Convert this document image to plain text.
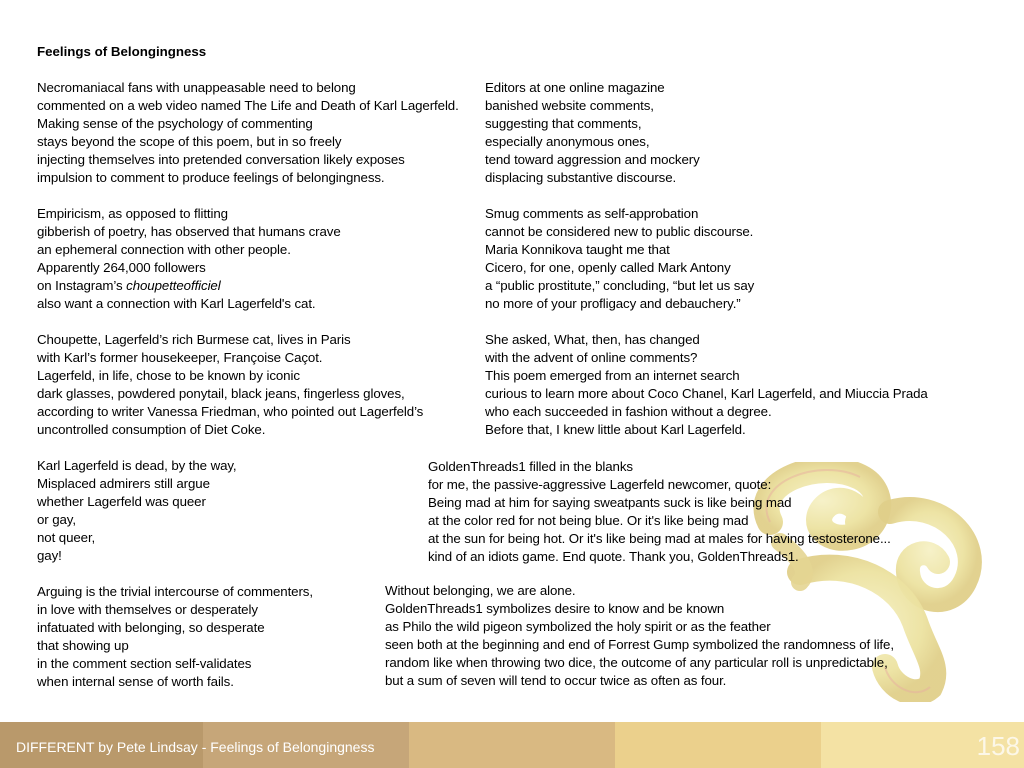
Feelings of Belongingness

Necromaniacal fans with unappeasable need to belong

commented on a web video named The Life and Death of Karl Lagerfeld.

Making sense of the psychology of commenting

stays beyond the scope of this poem, but in so freely

injecting themselves into pretended conversation likely exposes

impulsion to comment to produce feelings of belongingness.

Empiricism, as opposed to flitting

gibberish of poetry, has observed that humans crave

an ephemeral connection with other people.

Apparently 264,000 followers

on Instagram’s choupetteofficiel

also want a connection with Karl Lagerfeld's cat.

Choupette, Lagerfeld’s rich Burmese cat, lives in Paris

with Karl’s former housekeeper, Françoise Caçot.

Lagerfeld, in life, chose to be known by iconic

dark glasses, powdered ponytail, black jeans, fingerless gloves,

according to writer Vanessa Friedman, who pointed out Lagerfeld’s

uncontrolled consumption of Diet Coke.

Karl Lagerfeld is dead, by the way,

Misplaced admirers still argue

whether Lagerfeld was queer

or gay,

not queer,

gay!

Arguing is the trivial intercourse of commenters,

in love with themselves or desperately

infatuated with belonging, so desperate

that showing up

in the comment section self-validates

when internal sense of worth fails.

Editors at one online magazine

banished website comments,

suggesting that comments,

especially anonymous ones,

tend toward aggression and mockery

displacing substantive discourse.

Smug comments as self-approbation

cannot be considered new to public discourse.

Maria Konnikova taught me that

Cicero, for one, openly called Mark Antony

a “public prostitute,” concluding, “but let us say

no more of your profligacy and debauchery.”

She asked, What, then, has changed

with the advent of online comments?

This poem emerged from an internet search

curious to learn more about Coco Chanel, Karl Lagerfeld, and Miuccia Prada

who each succeeded in fashion without a degree.

Before that, I knew little about Karl Lagerfeld.

GoldenThreads1 filled in the blanks

for me, the passive-aggressive Lagerfeld newcomer, quote:

Being mad at him for saying sweatpants suck is like being mad

at the color red for not being blue. Or it's like being mad

at the sun for being hot. Or it's like being mad at males for having testosterone...

kind of an idiots game. End quote. Thank you, GoldenThreads1.

Without belonging, we are alone.

GoldenThreads1 symbolizes desire to know and be known

as Philo the wild pigeon symbolized the holy spirit or as the feather

seen both at the beginning and end of Forrest Gump symbolized the randomness of life,

random like when throwing two dice, the outcome of any particular roll is unpredictable,

but a sum of seven will tend to occur twice as often as four.

DIFFERENT by Pete Lindsay - Feelings of Belongingness	158
